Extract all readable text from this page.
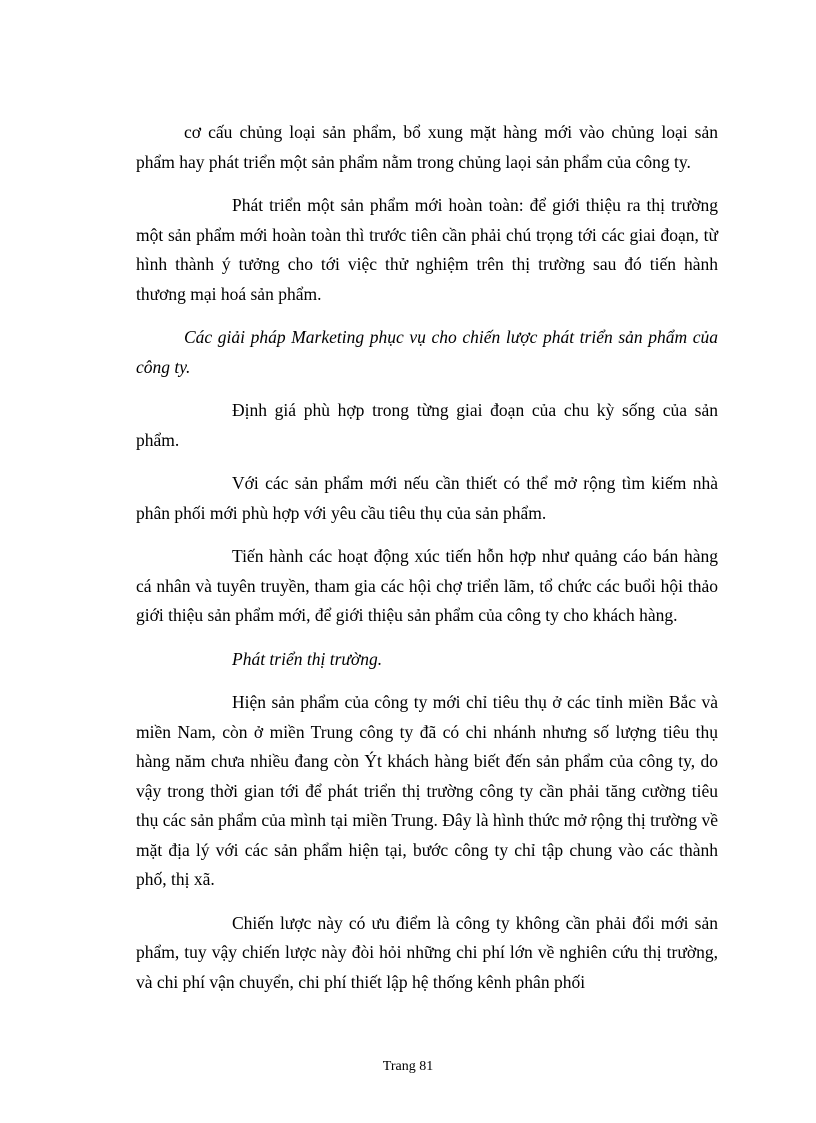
cơ cấu chủng loại sản phẩm, bổ xung mặt hàng mới vào chủng loại sản phẩm hay phát triển một sản phẩm nằm trong chủng laọi sản phẩm của công ty.

Phát triển một sản phẩm mới hoàn toàn: để giới thiệu ra thị trường một sản phẩm mới hoàn toàn thì trước tiên cần phải chú trọng tới các giai đoạn, từ hình thành ý tưởng cho tới việc thử nghiệm trên thị trường sau đó tiến hành thương mại hoá sản phẩm.

Các giải pháp Marketing phục vụ cho chiến lược phát triển sản phẩm của công ty.

Định giá phù hợp trong từng giai đoạn của chu kỳ sống của sản phẩm.

Với các sản phẩm mới nếu cần thiết có thể mở rộng tìm kiếm nhà phân phối mới phù hợp với yêu cầu tiêu thụ của sản phẩm.

Tiến hành các hoạt động xúc tiến hỗn hợp như quảng cáo bán hàng cá nhân và tuyên truyền, tham gia các hội chợ triển lãm, tổ chức các buổi hội thảo giới thiệu sản phẩm mới, để giới thiệu sản phẩm của công ty cho khách hàng.

Phát triển thị trường.

Hiện sản phẩm của công ty mới chỉ tiêu thụ ở các tỉnh miền Bắc và miền Nam, còn ở miền Trung công ty đã có chi nhánh nhưng số lượng tiêu thụ hàng năm chưa nhiều đang còn Ýt khách hàng biết đến sản phẩm của công ty, do vậy trong thời gian tới để phát triển thị trường công ty cần phải tăng cường tiêu thụ các sản phẩm của mình tại miền Trung. Đây là hình thức mở rộng thị trường về mặt địa lý với các sản phẩm hiện tại, bước công ty chỉ tập chung vào các thành phố, thị xã.

Chiến lược này có ưu điểm là công ty không cần phải đổi mới sản phẩm, tuy vậy chiến lược này đòi hỏi những chi phí lớn về nghiên cứu thị trường, và chi phí vận chuyển, chi phí thiết lập hệ thống kênh phân phối

Trang 81
